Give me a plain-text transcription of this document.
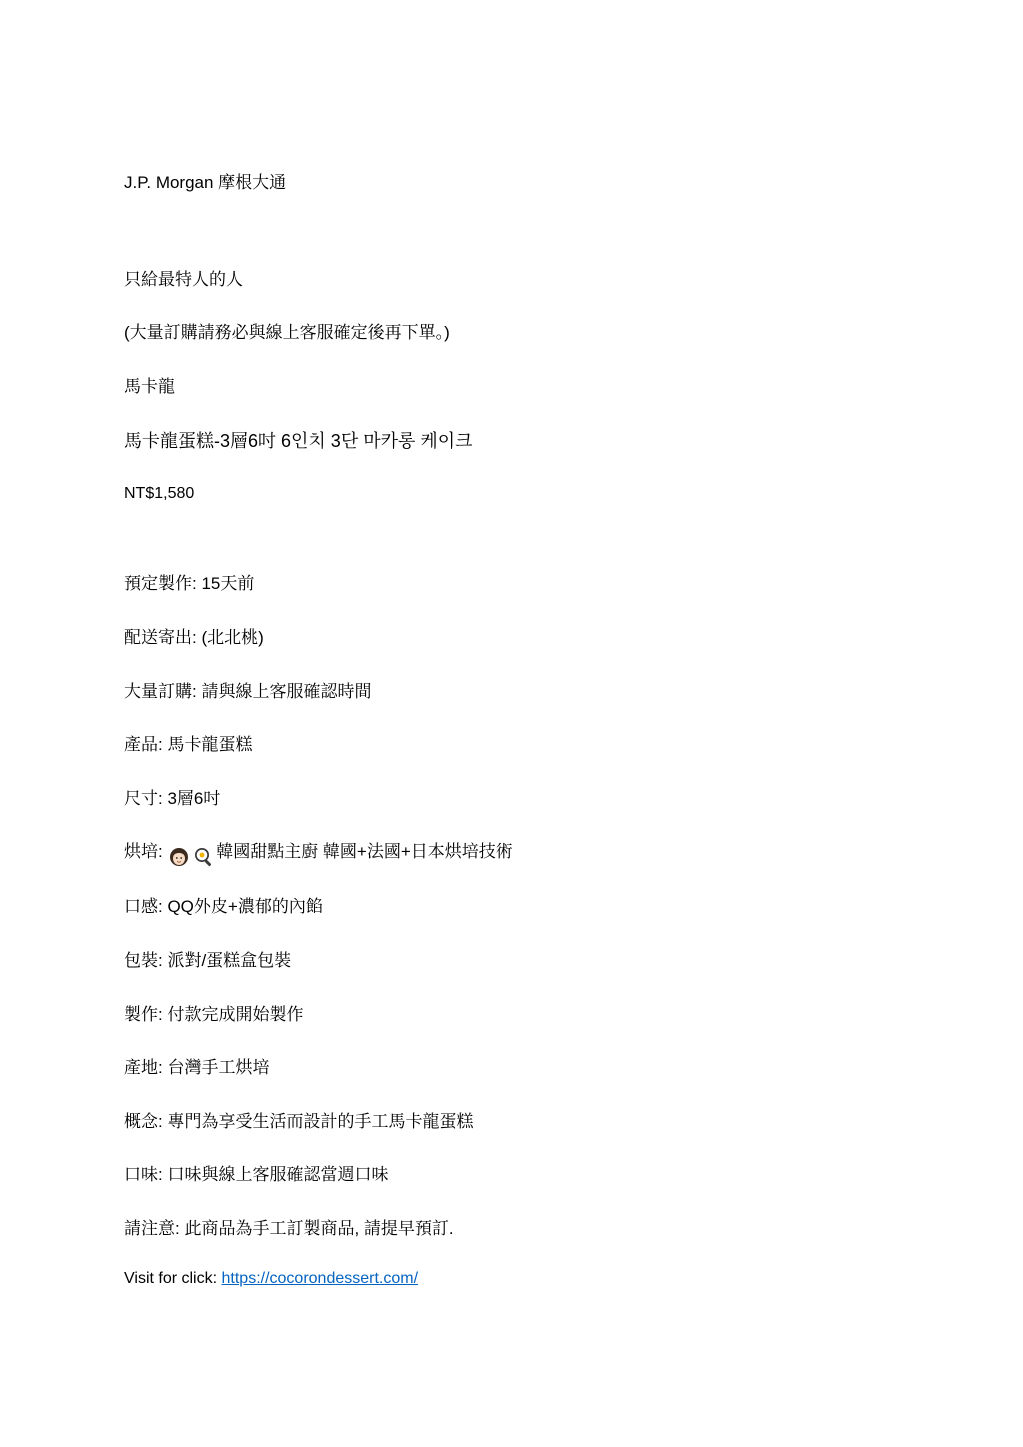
J.P. Morgan 摩根大通
只給最特人的人
(大量訂購請務必與線上客服確定後再下單。)
馬卡龍
馬卡龍蛋糕-3層6吋 6인치 3단 마카롱 케이크
NT$1,580
預定製作: 15天前
配送寄出: (北北桃)
大量訂購: 請與線上客服確認時間
產品: 馬卡龍蛋糕
尺寸: 3層6吋
烘培:	韓國甜點主廚 韓國+法國+日本烘培技術
口感: QQ外皮+濃郁的內餡
包裝: 派對/蛋糕盒包裝
製作: 付款完成開始製作
產地: 台灣手工烘培
概念: 專門為享受生活而設計的手工馬卡龍蛋糕
口味: 口味與線上客服確認當週口味
請注意: 此商品為手工訂製商品, 請提早預訂.
Visit for click: https://cocorondessert.com/
